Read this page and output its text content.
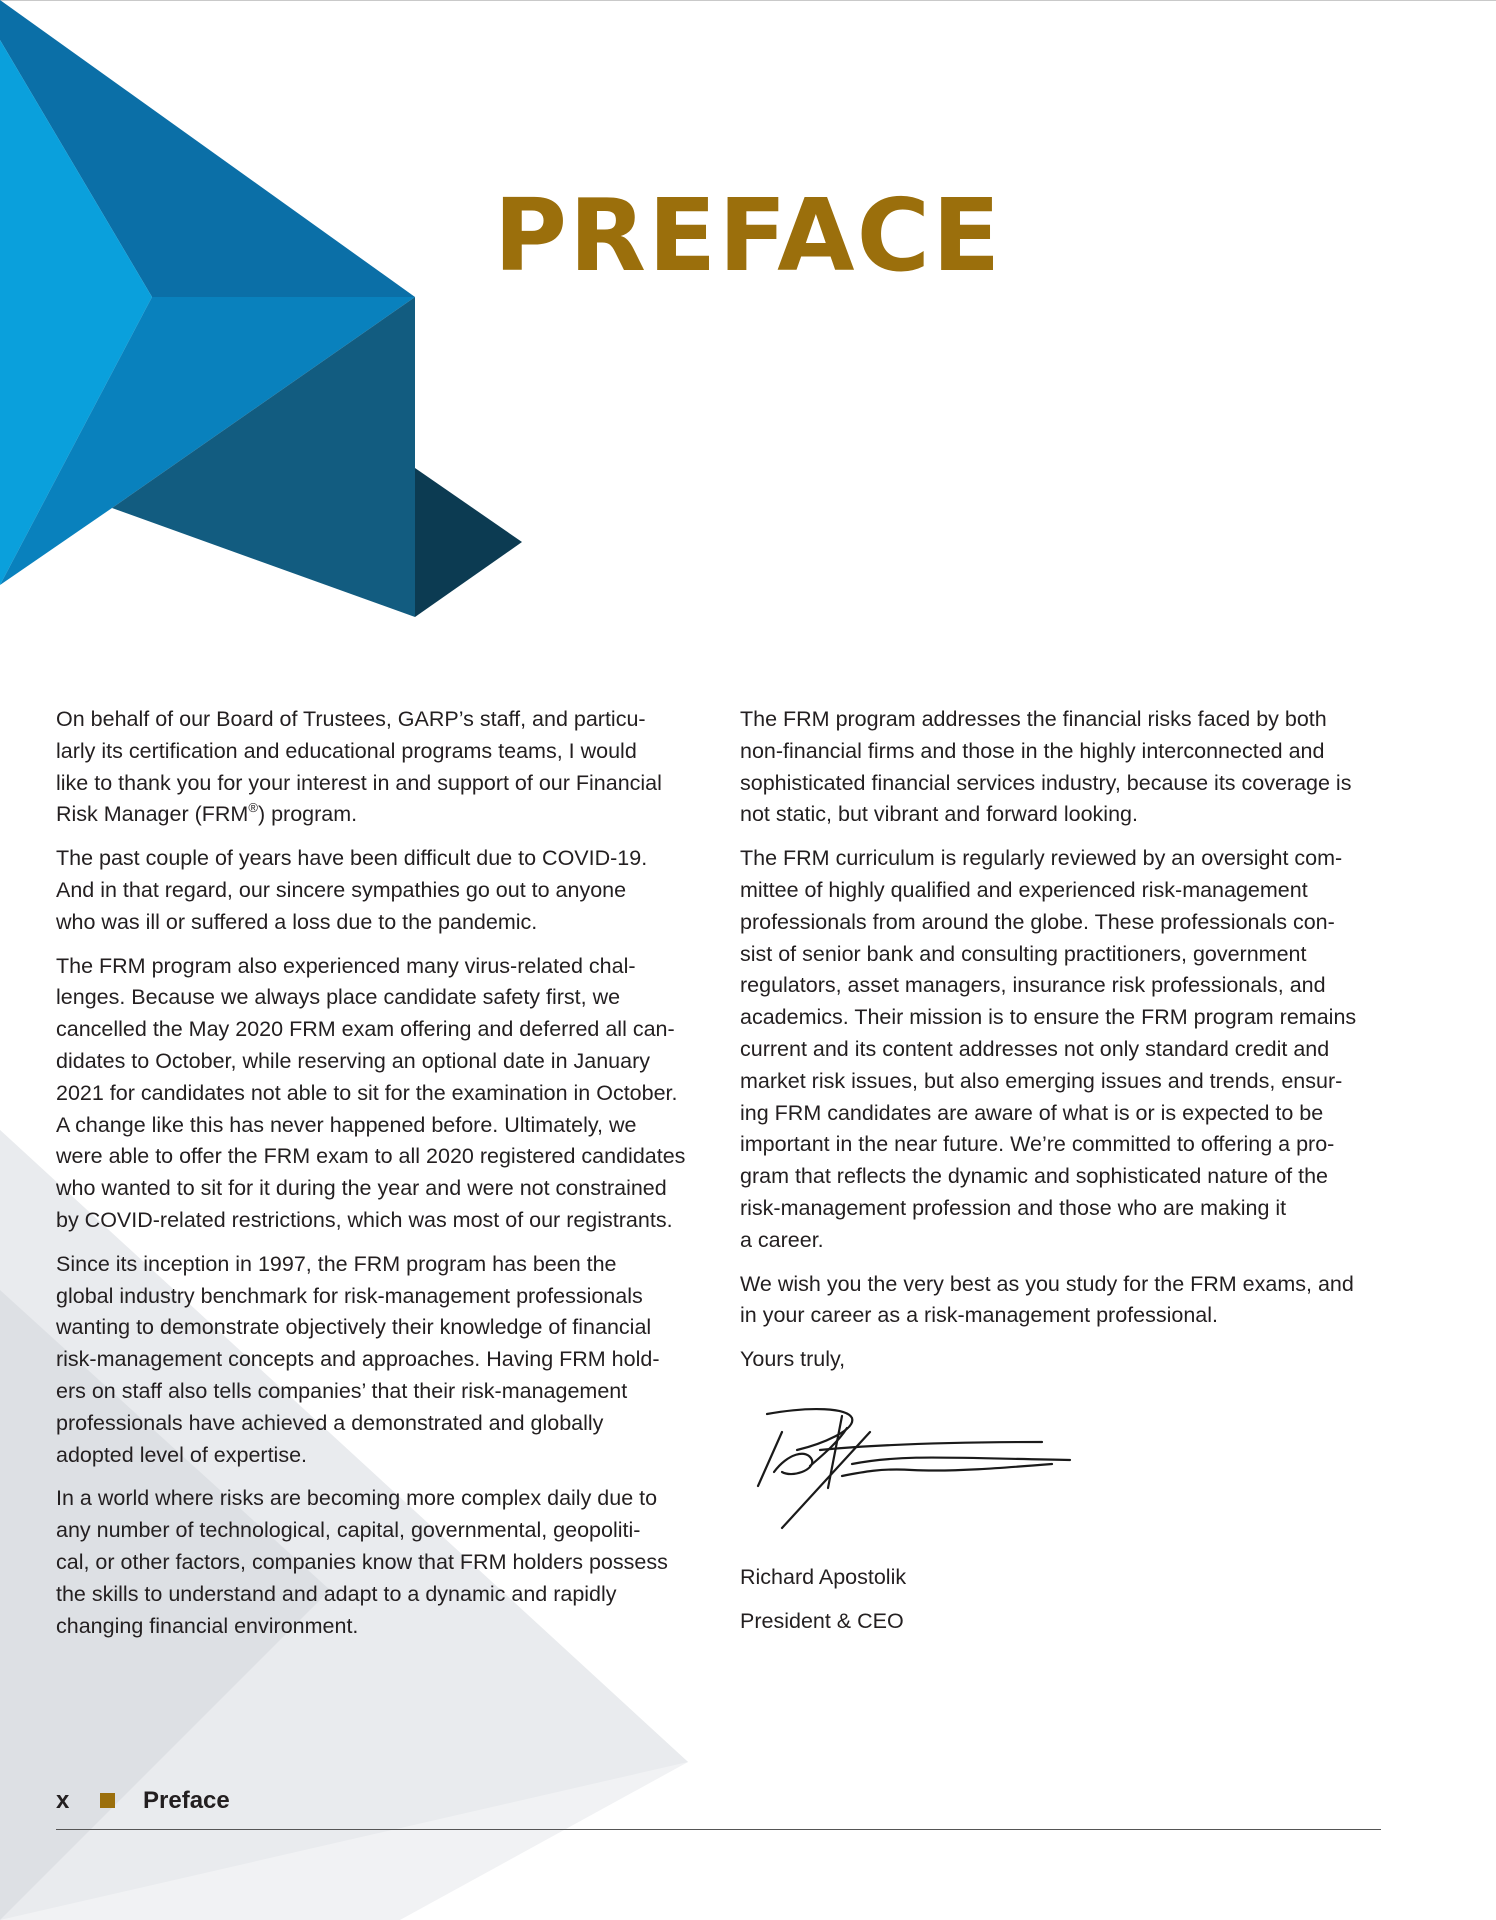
PREFACE

On behalf of our Board of Trustees, GARP’s staff, and particu-
larly its certification and educational programs teams, I would
like to thank you for your interest in and support of our Financial
Risk Manager (FRM®) program.

The past couple of years have been difficult due to COVID-19.
And in that regard, our sincere sympathies go out to anyone
who was ill or suffered a loss due to the pandemic.

The FRM program also experienced many virus-related chal-
lenges. Because we always place candidate safety first, we
cancelled the May 2020 FRM exam offering and deferred all can-
didates to October, while reserving an optional date in January
2021 for candidates not able to sit for the examination in October.
A change like this has never happened before. Ultimately, we
were able to offer the FRM exam to all 2020 registered candidates
who wanted to sit for it during the year and were not constrained
by COVID-related restrictions, which was most of our registrants.

Since its inception in 1997, the FRM program has been the
global industry benchmark for risk-management professionals
wanting to demonstrate objectively their knowledge of financial
risk-management concepts and approaches. Having FRM hold-
ers on staff also tells companies’ that their risk-management
professionals have achieved a demonstrated and globally
adopted level of expertise.

In a world where risks are becoming more complex daily due to
any number of technological, capital, governmental, geopoliti-
cal, or other factors, companies know that FRM holders possess
the skills to understand and adapt to a dynamic and rapidly
changing financial environment.

The FRM program addresses the financial risks faced by both
non-financial firms and those in the highly interconnected and
sophisticated financial services industry, because its coverage is
not static, but vibrant and forward looking.

The FRM curriculum is regularly reviewed by an oversight com-
mittee of highly qualified and experienced risk-management
professionals from around the globe. These professionals con-
sist of senior bank and consulting practitioners, government
regulators, asset managers, insurance risk professionals, and
academics. Their mission is to ensure the FRM program remains
current and its content addresses not only standard credit and
market risk issues, but also emerging issues and trends, ensur-
ing FRM candidates are aware of what is or is expected to be
important in the near future. We’re committed to offering a pro-
gram that reflects the dynamic and sophisticated nature of the
risk-management profession and those who are making it
a career.

We wish you the very best as you study for the FRM exams, and
in your career as a risk-management professional.

Yours truly,

Richard Apostolik
President & CEO
x	Preface
